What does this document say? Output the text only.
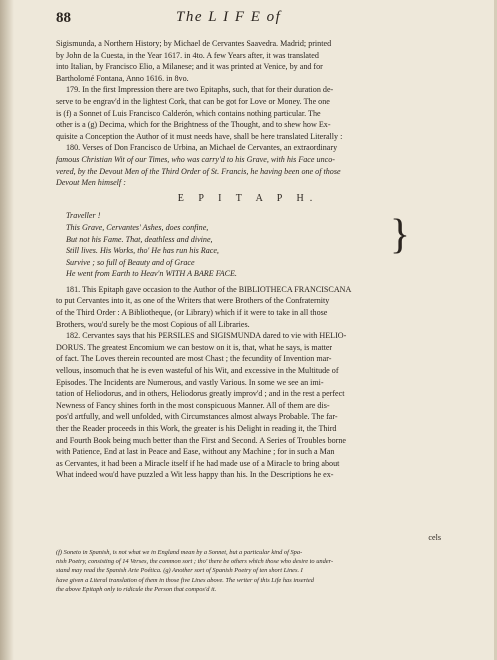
88	The L I F E of

Sigismunda, a Northern History; by Michael de Cervantes Saavedra. Madrid; printed
by John de la Cuesta, in the Year 1617. in 4to. A few Years after, it was translated
into Italian, by Francisco Elio, a Milanese; and it was printed at Venice, by and for
Bartholomé Fontana, Anno 1616. in 8vo.

179. In the first Impression there are two Epitaphs, such, that for their duration de-
serve to be engrav'd in the lightest Cork, that can be got for Love or Money. The one
is (f) a Sonnet of Luis Francisco Calderón, which contains nothing particular. The
other is a (g) Decima, which for the Brightness of the Thought, and to shew how Ex-
quisite a Conception the Author of it must needs have, shall be here translated Literally :

180. Verses of Don Francisco de Urbina, an Michael de Cervantes, an extraordinary
famous Christian Wit of our Times, who was carry'd to his Grave, with his Face unco-
vered, by the Devout Men of the Third Order of St. Francis, he having been one of those
Devout Men himself :

E P I T A P H.
Traveller !
This Grave, Cervantes' Ashes, does confine,
But not his Fame. That, deathless and divine,
Still lives. His Works, tho' He has run his Race,
Survive ; so full of Beauty and of Grace
He went from Earth to Heav'n WITH A BARE FACE.
}

181. This Epitaph gave occasion to the Author of the BIBLIOTHECA FRANCISCANA
to put Cervantes into it, as one of the Writers that were Brothers of the Confraternity
of the Third Order : A Bibliotheque, (or Library) which if it were to take in all those
Brothers, wou'd surely be the most Copious of all Libraries.

182. Cervantes says that his PERSILES and SIGISMUNDA dared to vie with HELIO-
DORUS. The greatest Encomium we can bestow on it is, that, what he says, is matter
of fact. The Loves therein recounted are most Chast ; the fecundity of Invention mar-
vellous, insomuch that he is even wasteful of his Wit, and excessive in the Multitude of
Episodes. The Incidents are Numerous, and vastly Various. In some we see an imi-
tation of Heliodorus, and in others, Heliodorus greatly improv'd ; and in the rest a perfect
Newness of Fancy shines forth in the most conspicuous Manner. All of them are dis-
pos'd artfully, and well unfolded, with Circumstances almost always Probable. The far-
ther the Reader proceeds in this Work, the greater is his Delight in reading it, the Third
and Fourth Book being much better than the First and Second. A Series of Troubles borne
with Patience, End at last in Peace and Ease, without any Machine ; for in such a Man
as Cervantes, it had been a Miracle itself if he had made use of a Miracle to bring about
What indeed wou'd have puzzled a Wit less happy than his. In the Descriptions he ex-

cels
(f) Soneto in Spanish, is not what we in England mean by a Sonnet, but a particular kind of Spa-
nish Poetry, consisting of 14 Verses, the common sort ; tho' there be others which those who desire to under-
stand may read the Spanish Arte Poética. (g) Another sort of Spanish Poetry of ten short Lines. I
have given a Literal translation of them in those five Lines above. The writer of this Life has inserted
the above Epitaph only to ridicule the Person that compos'd it.
